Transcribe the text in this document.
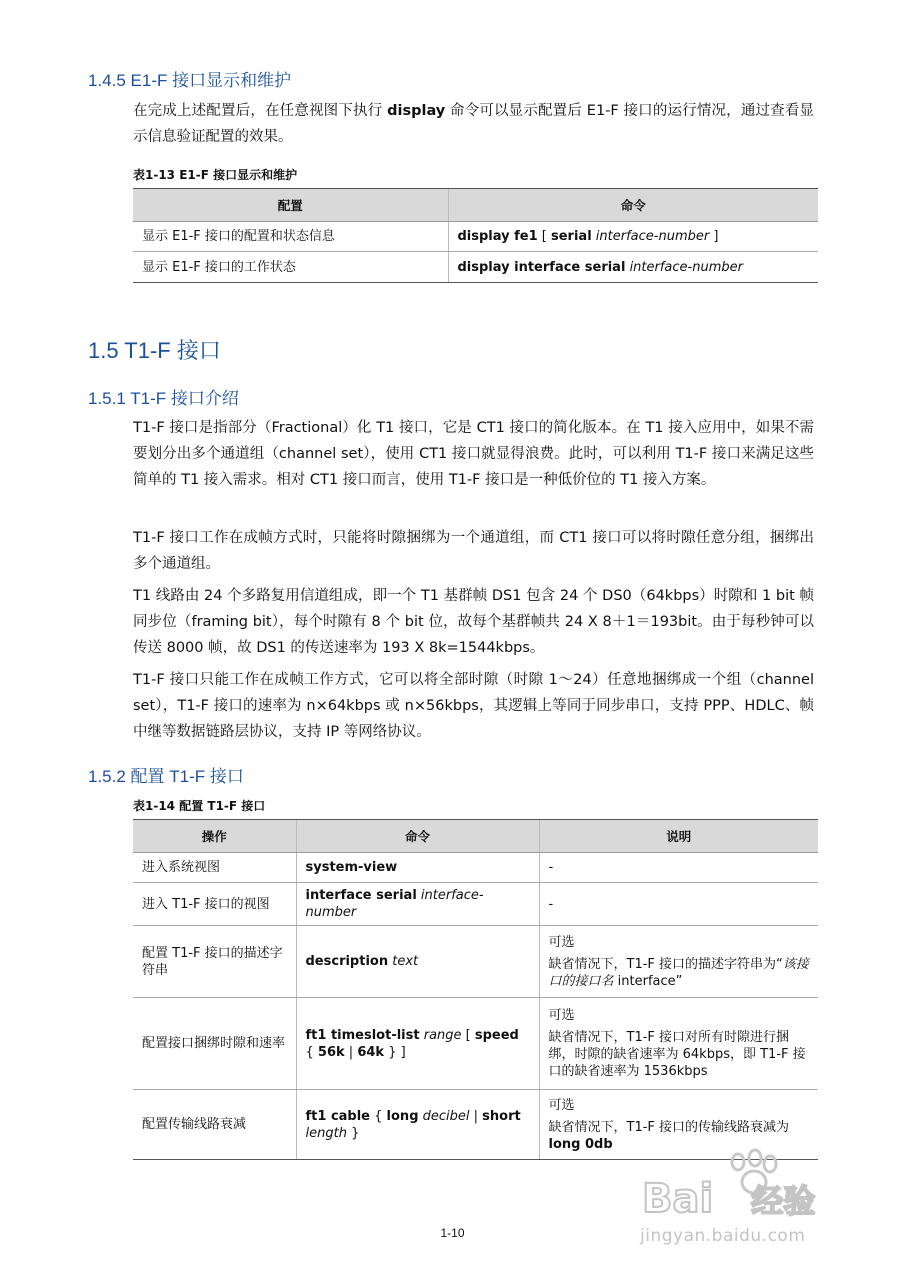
1.4.5 E1-F 接口显示和维护

在完成上述配置后，在任意视图下执行 display 命令可以显示配置后 E1-F 接口的运行情况，通过查看显示信息验证配置的效果。

表1-13 E1-F 接口显示和维护

配置	命令
显示 E1-F 接口的配置和状态信息	display fe1 [ serial interface-number ]
显示 E1-F 接口的工作状态	display interface serial interface-number
1.5 T1-F 接口
1.5.1 T1-F 接口介绍

T1-F 接口是指部分（Fractional）化 T1 接口，它是 CT1 接口的简化版本。在 T1 接入应用中，如果不需要划分出多个通道组（channel set），使用 CT1 接口就显得浪费。此时，可以利用 T1-F 接口来满足这些简单的 T1 接入需求。相对 CT1 接口而言，使用 T1-F 接口是一种低价位的 T1 接入方案。

T1-F 接口工作在成帧方式时，只能将时隙捆绑为一个通道组，而 CT1 接口可以将时隙任意分组，捆绑出多个通道组。

T1 线路由 24 个多路复用信道组成，即一个 T1 基群帧 DS1 包含 24 个 DS0（64kbps）时隙和 1 bit 帧同步位（framing bit），每个时隙有 8 个 bit 位，故每个基群帧共 24 X 8＋1＝193bit。由于每秒钟可以传送 8000 帧，故 DS1 的传送速率为 193 X 8k=1544kbps。

T1-F 接口只能工作在成帧工作方式，它可以将全部时隙（时隙 1～24）任意地捆绑成一个组（channel set），T1-F 接口的速率为 n×64kbps 或 n×56kbps，其逻辑上等同于同步串口，支持 PPP、HDLC、帧中继等数据链路层协议，支持 IP 等网络协议。

1.5.2 配置 T1-F 接口

表1-14 配置 T1-F 接口

操作	命令	说明
进入系统视图	system-view	-
进入 T1-F 接口的视图	interface serial interface-number	-
配置 T1-F 接口的描述字符串	description text	可选
缺省情况下，T1-F 接口的描述字符串为“该接口的接口名 interface”

配置接口捆绑时隙和速率	ft1 timeslot-list range [ speed { 56k | 64k } ]	可选
缺省情况下，T1-F 接口对所有时隙进行捆绑，时隙的缺省速率为 64kbps，即 T1-F 接口的缺省速率为 1536kbps

配置传输线路衰减	ft1 cable { long decibel | short length }	可选
缺省情况下，T1-F 接口的传输线路衰减为 long 0db
Bai 经验
jingyan.baidu.com
1-10
